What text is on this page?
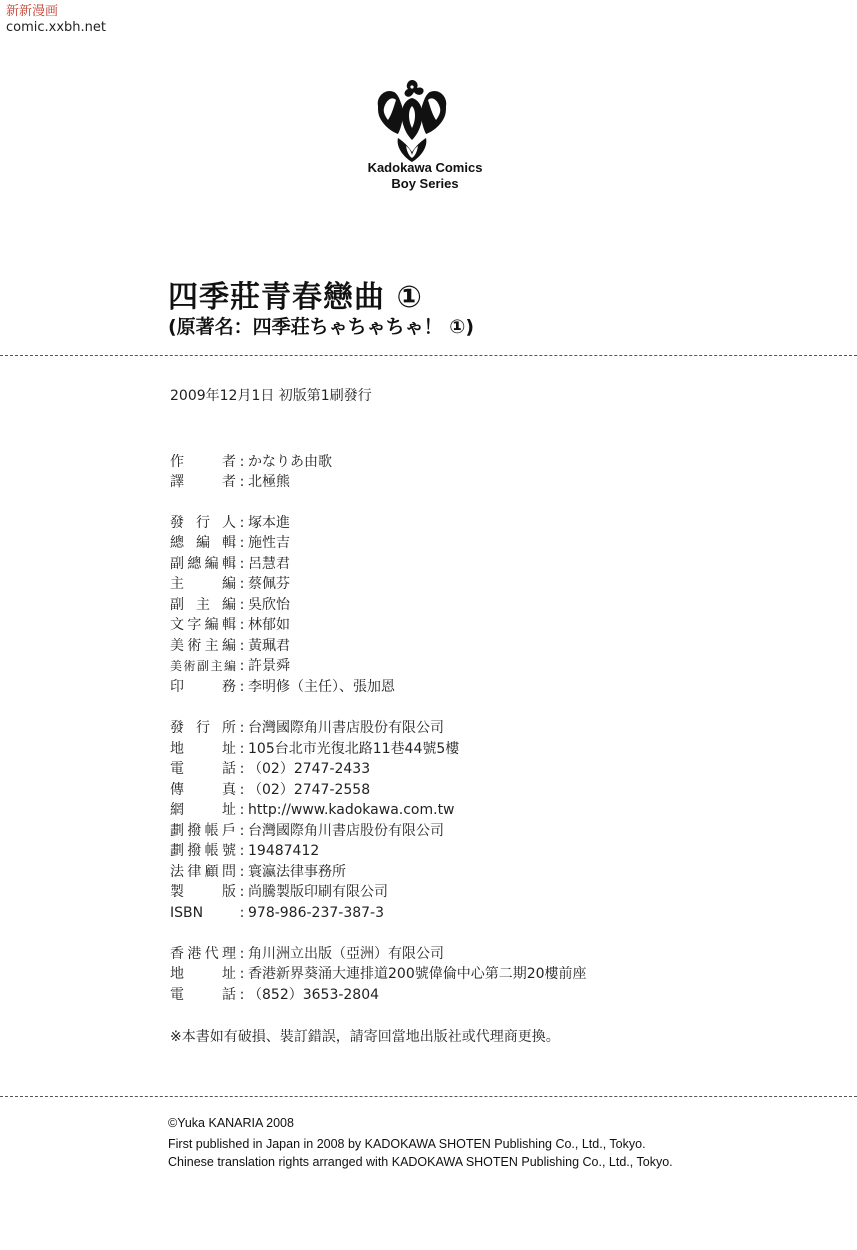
新新漫画
comic.xxbh.net
Kadokawa Comics
Boy Series
四季莊青春戀曲 ①
(原著名：四季荘ちゃちゃちゃ！ ①)
2009年12月1日 初版第1刷發行
作　者 : かなりあ由歌
譯　者 : 北極熊
發行人 : 塚本進
總編輯 : 施性吉
副總編輯 : 呂慧君
主　編 : 蔡佩芬
副主編 : 吳欣怡
文字編輯 : 林郁如
美術主編 : 黃珮君
美術副主編 : 許景舜
印　務 : 李明修（主任）、張加恩
發行所 : 台灣國際角川書店股份有限公司
地　址 : 105台北市光復北路11巷44號5樓
電　話 : （02）2747-2433
傳　真 : （02）2747-2558
網　址 : http://www.kadokawa.com.tw
劃撥帳戶 : 台灣國際角川書店股份有限公司
劃撥帳號 : 19487412
法律顧問 : 寰瀛法律事務所
製　版 : 尚騰製版印刷有限公司
ISBN	: 978-986-237-387-3
香港代理 : 角川洲立出版（亞洲）有限公司
地　址 : 香港新界葵涌大連排道200號偉倫中心第二期20樓前座
電　話 : （852）3653-2804
※本書如有破損、裝訂錯誤，請寄回當地出版社或代理商更換。
©Yuka KANARIA 2008
First published in Japan in 2008 by KADOKAWA SHOTEN Publishing Co., Ltd., Tokyo.
Chinese translation rights arranged with KADOKAWA SHOTEN Publishing Co., Ltd., Tokyo.
